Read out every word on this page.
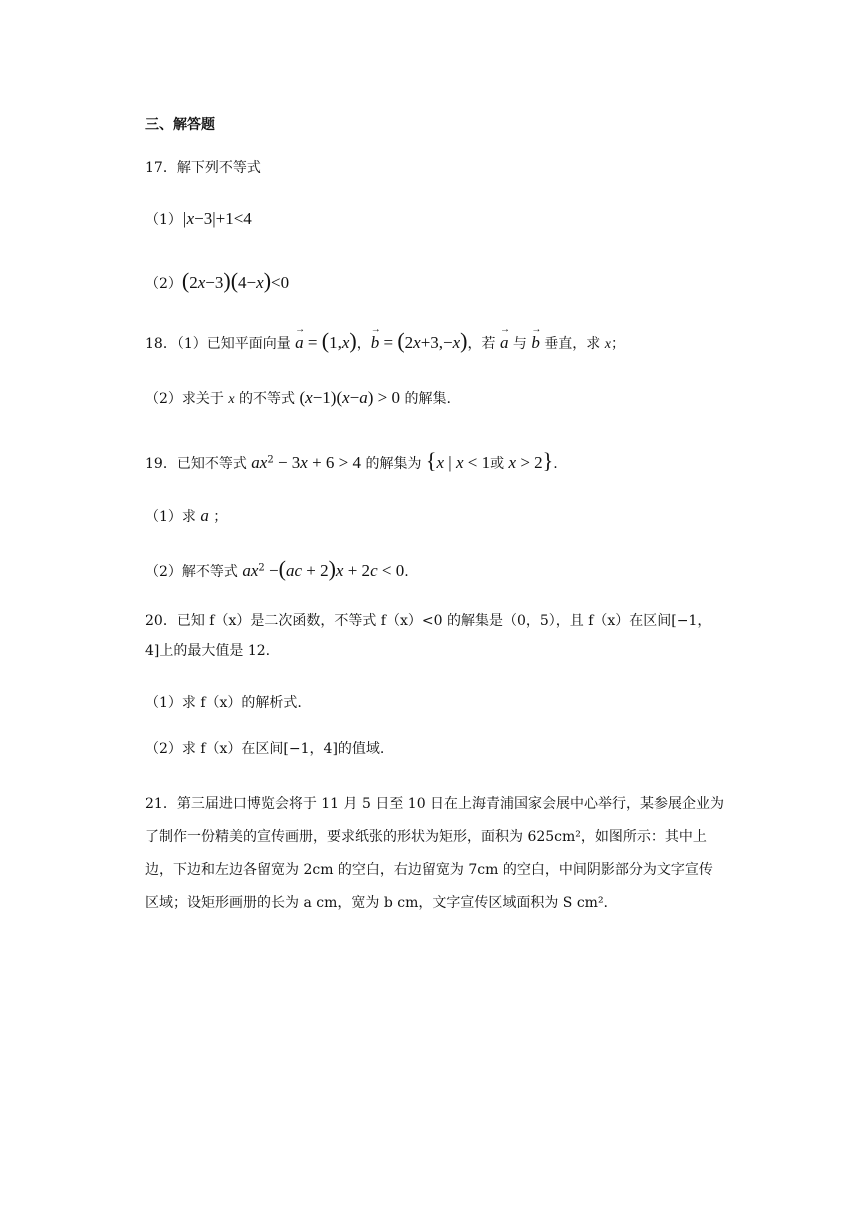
三、解答题
17．解下列不等式
（1）|x−3|+1<4
（2）(2x−3)(4−x)<0
18．（1）已知平面向量 → a = (1,x)，→ b = (2x+3,−x)，若 → a 与 → b 垂直，求 x；
（2）求关于 x 的不等式 (x−1)(x−a) > 0 的解集.
19．已知不等式 $ax^2 - 3x + 6 > 4$ 的解集为 {x | x < 1或 x > 2}.
（1）求 a ；
（2）解不等式 $ax^2 -(ac + 2)x + 2c < 0$.
20．已知 f（x）是二次函数，不等式 f（x）<0 的解集是（0，5），且 f（x）在区间[−1，4]上的最大值是 12.
（1）求 f（x）的解析式.
（2）求 f（x）在区间[−1，4]的值域.
21．第三届进口博览会将于 11 月 5 日至 10 日在上海青浦国家会展中心举行，某参展企业为了制作一份精美的宣传画册，要求纸张的形状为矩形，面积为 625cm²，如图所示：其中上边，下边和左边各留宽为 2cm 的空白，右边留宽为 7cm 的空白，中间阴影部分为文字宣传区域；设矩形画册的长为 a cm，宽为 b cm，文字宣传区域面积为 S cm².
